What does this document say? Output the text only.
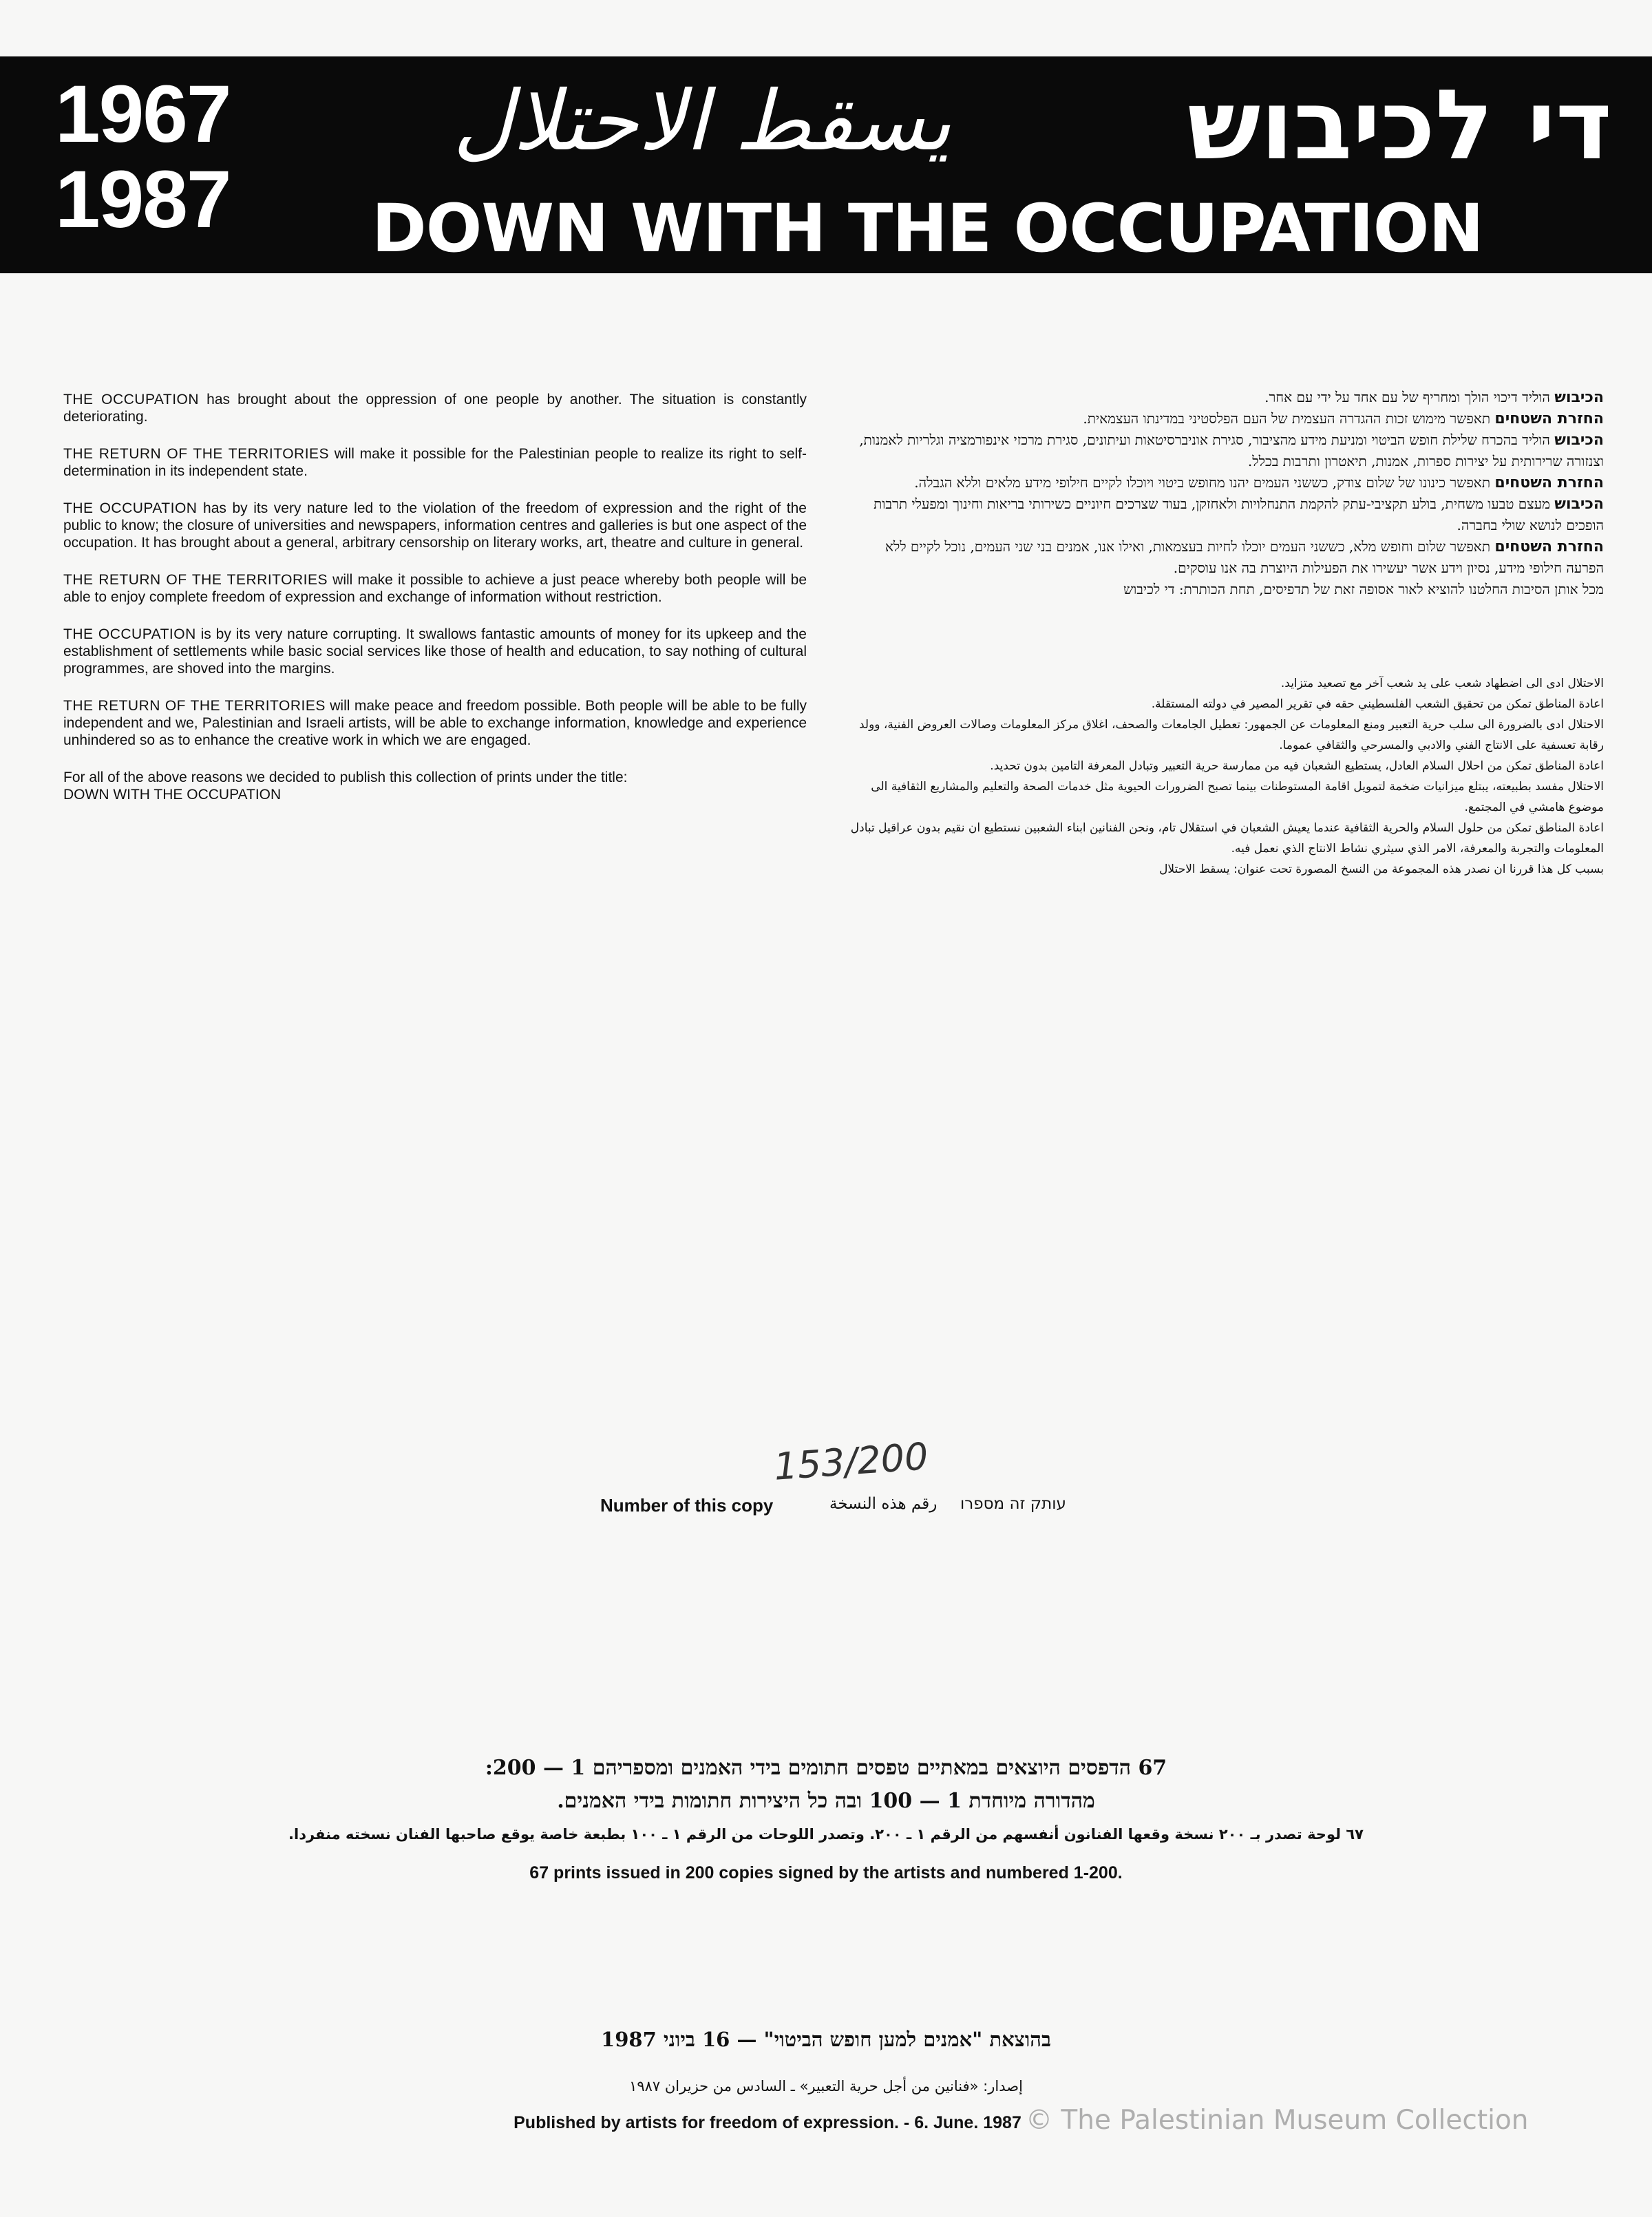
1967
1987
يسقط الاحتلال	די לכיבוש
DOWN WITH THE OCCUPATION

THE OCCUPATION has brought about the oppression of one people by another. The situation is constantly deteriorating.

THE RETURN OF THE TERRITORIES will make it possible for the Palestinian people to realize its right to self-determination in its independent state.

THE OCCUPATION has by its very nature led to the violation of the freedom of expression and the right of the public to know; the closure of universities and newspapers, information centres and galleries is but one aspect of the occupation. It has brought about a general, arbitrary censorship on literary works, art, theatre and culture in general.

THE RETURN OF THE TERRITORIES will make it possible to achieve a just peace whereby both people will be able to enjoy complete freedom of expression and exchange of information without restriction.

THE OCCUPATION is by its very nature corrupting. It swallows fantastic amounts of money for its upkeep and the establishment of settlements while basic social services like those of health and education, to say nothing of cultural programmes, are shoved into the margins.

THE RETURN OF THE TERRITORIES will make peace and freedom possible. Both people will be able to be fully independent and we, Palestinian and Israeli artists, will be able to exchange information, knowledge and experience unhindered so as to enhance the creative work in which we are engaged.

For all of the above reasons we decided to publish this collection of prints under the title:
DOWN WITH THE OCCUPATION

הכיבוש הוליד דיכוי הולך ומחריף של עם אחד על ידי עם אחר.

החזרת השטחים תאפשר מימוש זכות ההגדרה העצמית של העם הפלסטיני במדינתו העצמאית.

הכיבוש הוליד בהכרח שלילת חופש הביטוי ומניעת מידע מהציבור, סגירת אוניברסיטאות ועיתונים, סגירת מרכזי אינפורמציה וגלריות לאמנות, וצנזורה שרירותית על יצירות ספרות, אמנות, תיאטרון ותרבות בכלל.

החזרת השטחים תאפשר כינונו של שלום צודק, כששני העמים יהנו מחופש ביטוי ויוכלו לקיים חילופי מידע מלאים וללא הגבלה.

הכיבוש מעצם טבעו משחית, בולע תקציבי-עתק להקמת התנחלויות ולאחזקן, בעוד שצרכים חיוניים כשירותי בריאות וחינוך ומפעלי תרבות הופכים לנושא שולי בחברה.

החזרת השטחים תאפשר שלום וחופש מלא, כששני העמים יוכלו לחיות בעצמאות, ואילו אנו, אמנים בני שני העמים, נוכל לקיים ללא הפרעה חילופי מידע, נסיון וידע אשר יעשירו את הפעילות היוצרת בה אנו עוסקים.

מכל אותן הסיבות החלטנו להוציא לאור אסופה זאת של תדפיסים, תחת הכותרת: די לכיבוש

الاحتلال ادى الى اضطهاد شعب على يد شعب آخر مع تصعيد متزايد.

اعادة المناطق تمكن من تحقيق الشعب الفلسطيني حقه في تقرير المصير في دولته المستقلة.

الاحتلال ادى بالضرورة الى سلب حرية التعبير ومنع المعلومات عن الجمهور: تعطيل الجامعات والصحف، اغلاق مركز المعلومات وصالات العروض الفنية، وولد رقابة تعسفية على الانتاج الفني والادبي والمسرحي والثقافي عموما.

اعادة المناطق تمكن من احلال السلام العادل، يستطيع الشعبان فيه من ممارسة حرية التعبير وتبادل المعرفة التامين بدون تحديد.

الاحتلال مفسد بطبيعته، يبتلع ميزانيات ضخمة لتمويل اقامة المستوطنات بينما تصبح الضرورات الحيوية مثل خدمات الصحة والتعليم والمشاريع الثقافية الى موضوع هامشي في المجتمع.

اعادة المناطق تمكن من حلول السلام والحرية الثقافية عندما يعيش الشعبان في استقلال تام، ونحن الفنانين ابناء الشعبين نستطيع ان نقيم بدون عراقيل تبادل المعلومات والتجربة والمعرفة، الامر الذي سيثري نشاط الانتاج الذي نعمل فيه.

بسبب كل هذا قررنا ان نصدر هذه المجموعة من النسخ المصورة تحت عنوان: يسقط الاحتلال

153/200
Number of this copy	رقم هذه النسخة עותק זה מספרו
67 הדפסים היוצאים במאתיים טפסים חתומים בידי האמנים ומספריהם 1 — 200:
מהדורה מיוחדת 1 — 100 ובה כל היצירות חתומות בידי האמנים.
٦٧ لوحة تصدر بـ ٢٠٠ نسخة وقعها الفنانون أنفسهم من الرقم ١ ـ ٢٠٠. وتصدر اللوحات من الرقم ١ ـ ١٠٠ بطبعة خاصة يوقع صاحبها الفنان نسخته منفردا.
67 prints issued in 200 copies signed by the artists and numbered 1-200.
בהוצאת "אמנים למען חופש הביטוי" — 16 ביוני 1987
إصدار: «فنانين من أجل حرية التعبير» ـ السادس من حزيران ١٩٨٧
Published by artists for freedom of expression. - 6. June. 1987 © The Palestinian Museum Collection
